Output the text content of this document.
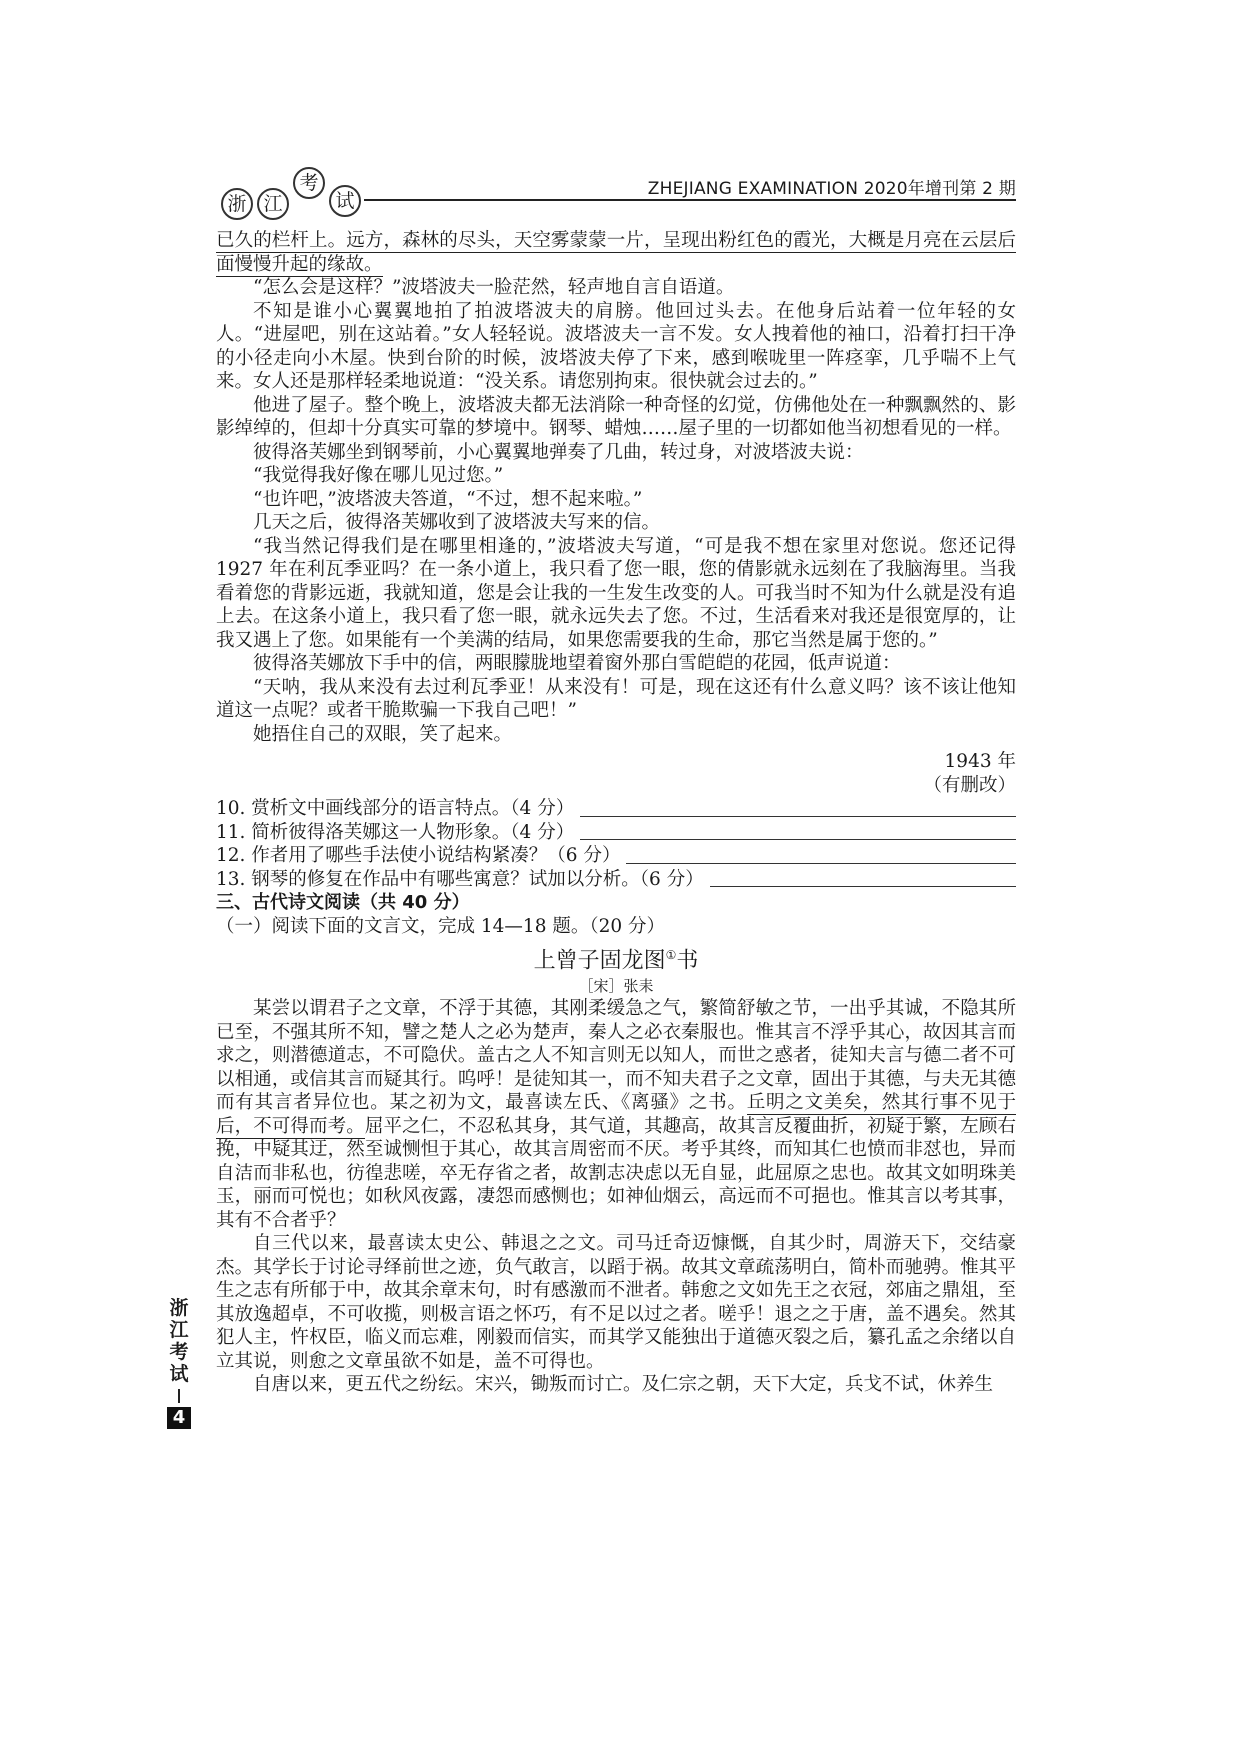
浙 江
考
试
ZHEJIANG EXAMINATION 2020年增刊第 2 期

已久的栏杆上。远方，森林的尽头，天空雾蒙蒙一片，呈现出粉红色的霞光，大概是月亮在云层后面慢慢升起的缘故。

“怎么会是这样？”波塔波夫一脸茫然，轻声地自言自语道。

不知是谁小心翼翼地拍了拍波塔波夫的肩膀。他回过头去。在他身后站着一位年轻的女人。“进屋吧，别在这站着。”女人轻轻说。波塔波夫一言不发。女人拽着他的袖口，沿着打扫干净的小径走向小木屋。快到台阶的时候，波塔波夫停了下来，感到喉咙里一阵痉挛，几乎喘不上气来。女人还是那样轻柔地说道：“没关系。请您别拘束。很快就会过去的。”

他进了屋子。整个晚上，波塔波夫都无法消除一种奇怪的幻觉，仿佛他处在一种飘飘然的、影影绰绰的，但却十分真实可靠的梦境中。钢琴、蜡烛……屋子里的一切都如他当初想看见的一样。

彼得洛芙娜坐到钢琴前，小心翼翼地弹奏了几曲，转过身，对波塔波夫说：

“我觉得我好像在哪儿见过您。”

“也许吧，”波塔波夫答道，“不过，想不起来啦。”

几天之后，彼得洛芙娜收到了波塔波夫写来的信。

“我当然记得我们是在哪里相逢的，”波塔波夫写道，“可是我不想在家里对您说。您还记得 1927 年在利瓦季亚吗？在一条小道上，我只看了您一眼，您的倩影就永远刻在了我脑海里。当我看着您的背影远逝，我就知道，您是会让我的一生发生改变的人。可我当时不知为什么就是没有追上去。在这条小道上，我只看了您一眼，就永远失去了您。不过，生活看来对我还是很宽厚的，让我又遇上了您。如果能有一个美满的结局，如果您需要我的生命，那它当然是属于您的。”

彼得洛芙娜放下手中的信，两眼朦胧地望着窗外那白雪皑皑的花园，低声说道：

“天呐，我从来没有去过利瓦季亚！从来没有！可是，现在这还有什么意义吗？该不该让他知道这一点呢？或者干脆欺骗一下我自己吧！”

她捂住自己的双眼，笑了起来。

1943 年

（有删改）

10. 赏析文中画线部分的语言特点。（4 分）
11. 简析彼得洛芙娜这一人物形象。（4 分）
12. 作者用了哪些手法使小说结构紧凑？（6 分）
13. 钢琴的修复在作品中有哪些寓意？试加以分析。（6 分）

三、古代诗文阅读（共 40 分）

（一）阅读下面的文言文，完成 14—18 题。（20 分）

上曾子固龙图①书

［宋］张耒

某尝以谓君子之文章，不浮于其德，其刚柔缓急之气，繁简舒敏之节，一出乎其诚，不隐其所已至，不强其所不知，譬之楚人之必为楚声，秦人之必衣秦服也。惟其言不浮乎其心，故因其言而求之，则潜德道志，不可隐伏。盖古之人不知言则无以知人，而世之惑者，徒知夫言与德二者不可以相通，或信其言而疑其行。呜呼！是徒知其一，而不知夫君子之文章，固出于其德，与夫无其德而有其言者异位也。某之初为文，最喜读左氏、《离骚》之书。丘明之文美矣，然其行事不见于后，不可得而考。屈平之仁，不忍私其身，其气道，其趣高，故其言反覆曲折，初疑于繁，左顾右挽，中疑其迂，然至诚恻怛于其心，故其言周密而不厌。考乎其终，而知其仁也愤而非怼也，异而自洁而非私也，彷徨悲嗟，卒无存省之者，故割志决虑以无自显，此屈原之忠也。故其文如明珠美玉，丽而可悦也；如秋风夜露，凄怨而感恻也；如神仙烟云，高远而不可挹也。惟其言以考其事，其有不合者乎？

自三代以来，最喜读太史公、韩退之之文。司马迁奇迈慷慨，自其少时，周游天下，交结豪杰。其学长于讨论寻绎前世之迹，负气敢言，以蹈于祸。故其文章疏荡明白，简朴而驰骋。惟其平生之志有所郁于中，故其余章末句，时有感激而不泄者。韩愈之文如先王之衣冠，郊庙之鼎俎，至其放逸超卓，不可收揽，则极言语之怀巧，有不足以过之者。嗟乎！退之之于唐，盖不遇矣。然其犯人主，忤权臣，临义而忘难，刚毅而信实，而其学又能独出于道德灭裂之后，纂孔孟之余绪以自立其说，则愈之文章虽欲不如是，盖不可得也。

自唐以来，更五代之纷纭。宋兴，锄叛而讨亡。及仁宗之朝，天下大定，兵戈不试，休养生

浙
江
考
试
4
